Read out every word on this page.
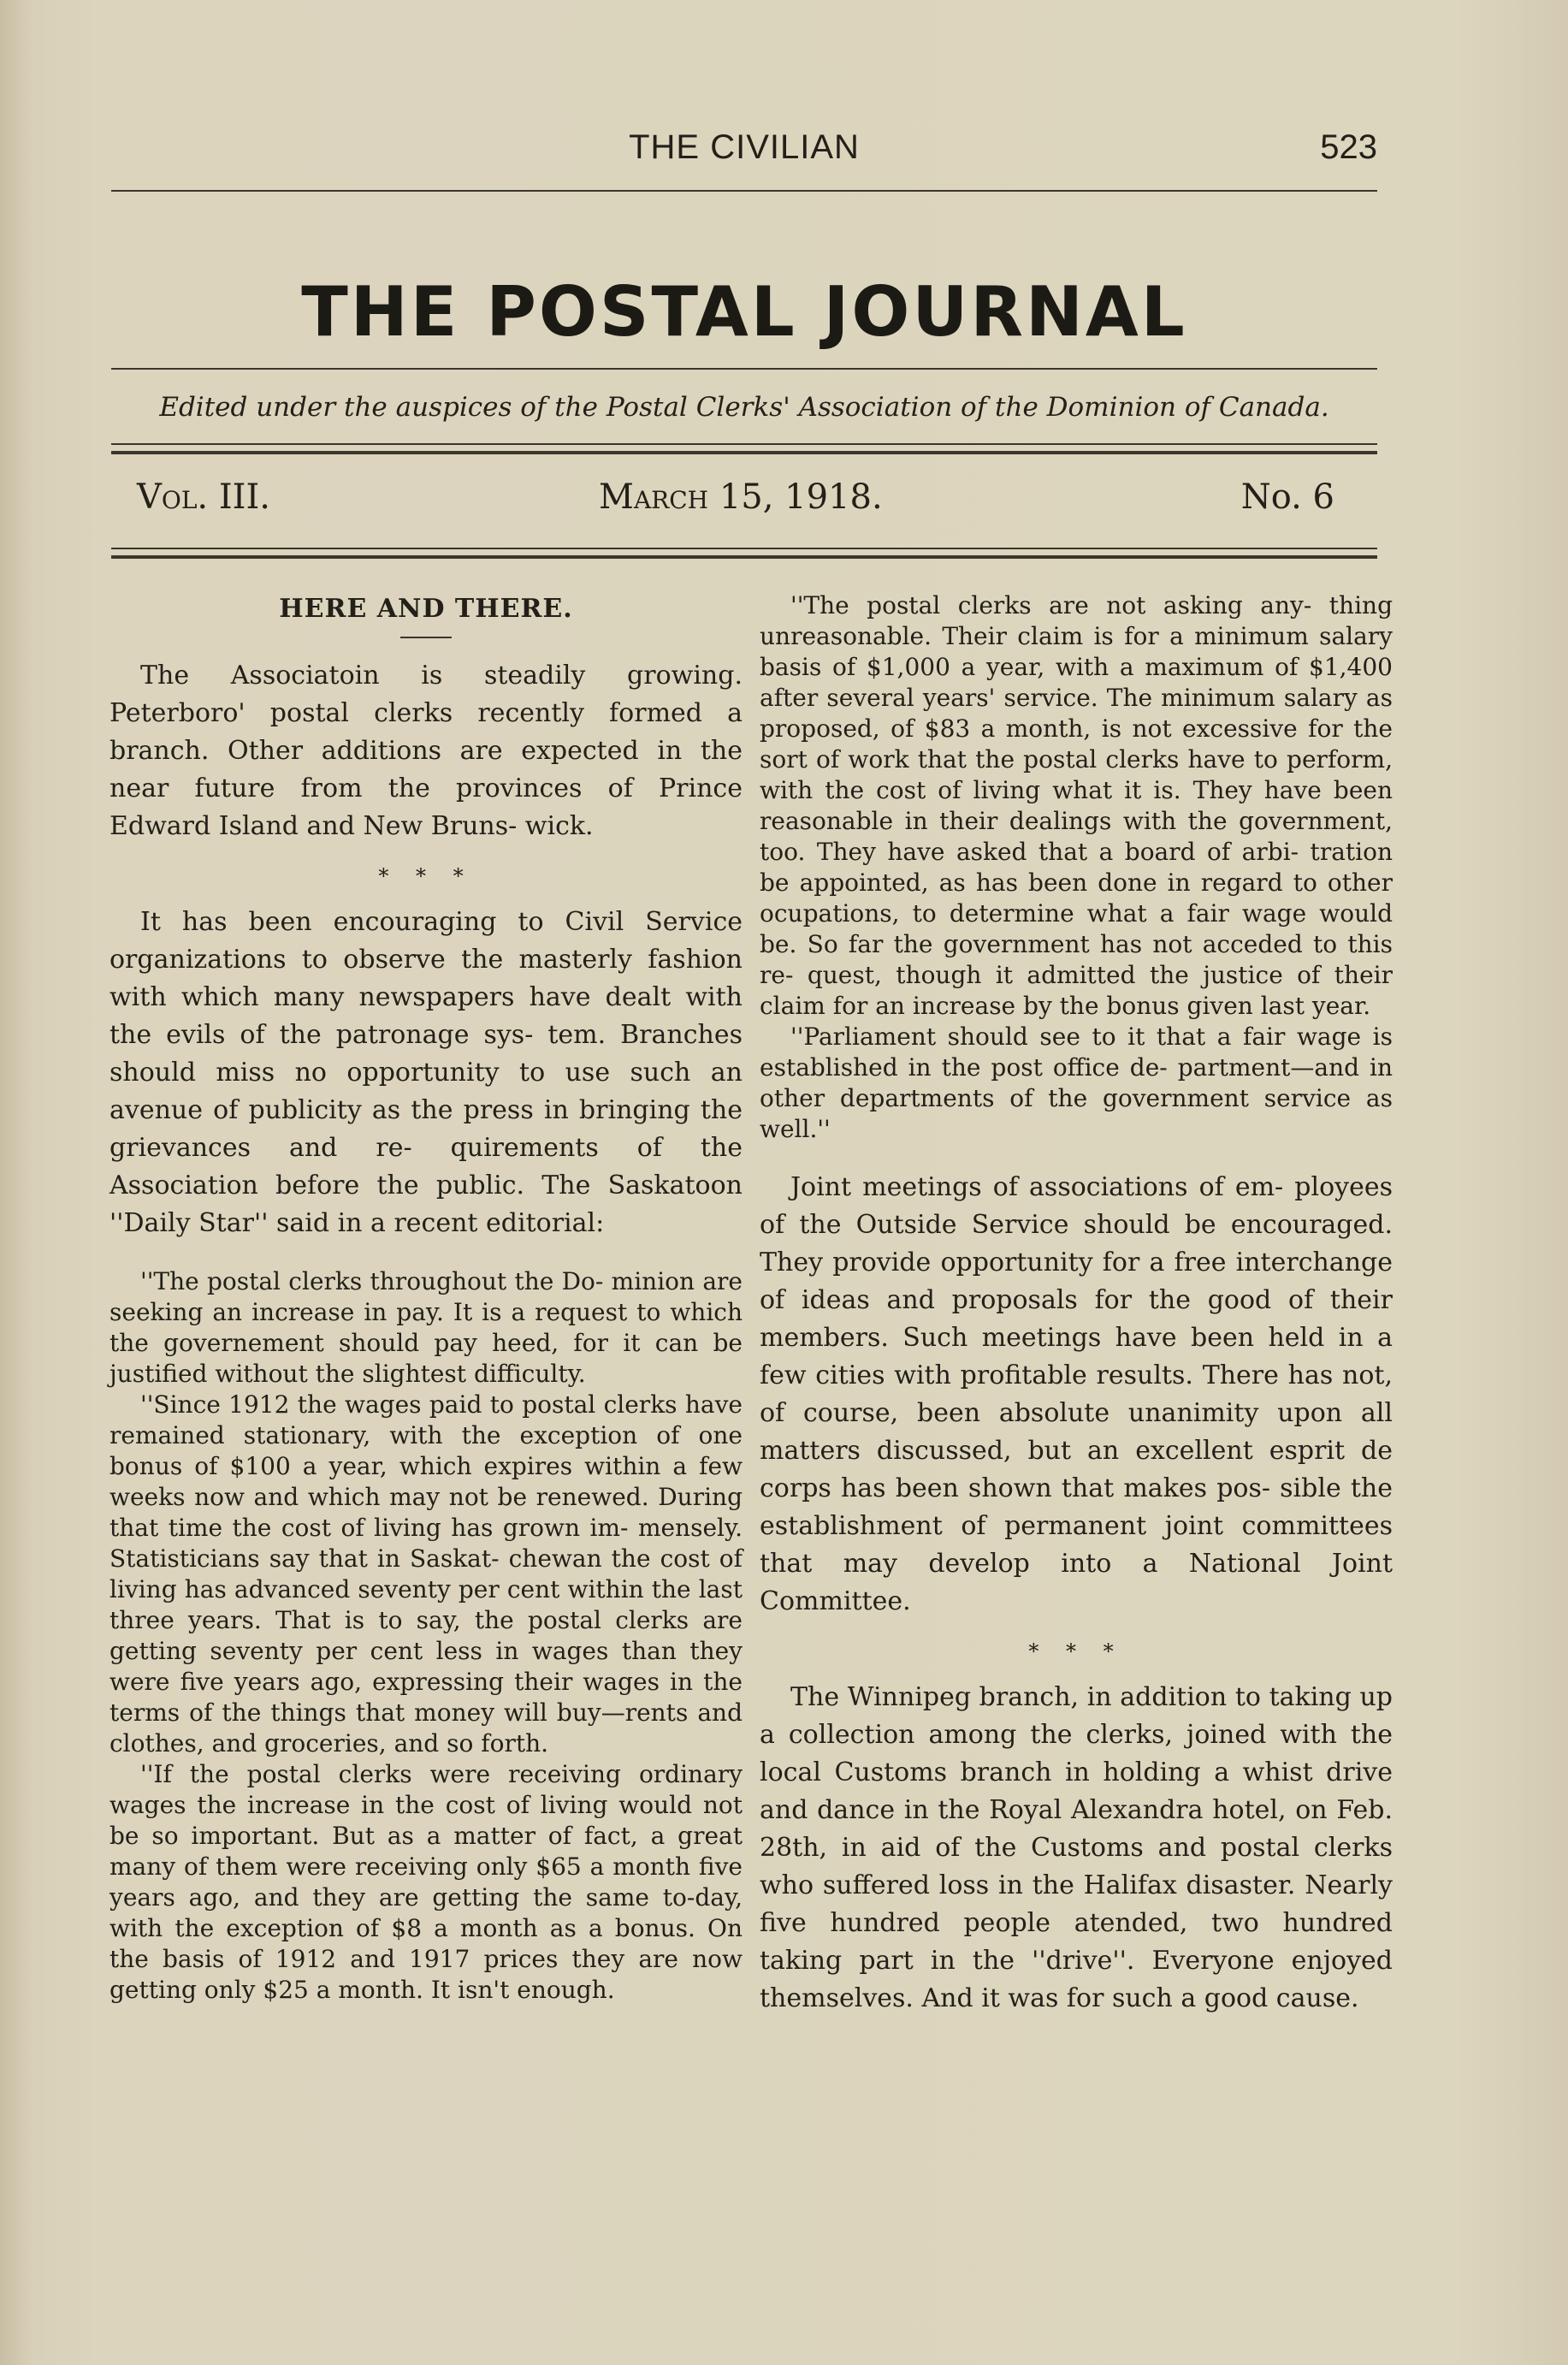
THE CIVILIAN	523
THE POSTAL JOURNAL
Edited under the auspices of the Postal Clerks' Association of the Dominion of Canada.
Vol. III.	March 15, 1918.	No. 6
HERE AND THERE.

The Associatoin is steadily growing. Peterboro' postal clerks recently formed a branch. Other additions are expected in the near future from the provinces of Prince Edward Island and New Bruns- wick.

* * *

It has been encouraging to Civil Service organizations to observe the masterly fashion with which many newspapers have dealt with the evils of the patronage sys- tem. Branches should miss no opportunity to use such an avenue of publicity as the press in bringing the grievances and re- quirements of the Association before the public. The Saskatoon ''Daily Star'' said in a recent editorial:

''The postal clerks throughout the Do- minion are seeking an increase in pay. It is a request to which the governement should pay heed, for it can be justified without the slightest difficulty.

''Since 1912 the wages paid to postal clerks have remained stationary, with the exception of one bonus of $100 a year, which expires within a few weeks now and which may not be renewed. During that time the cost of living has grown im- mensely. Statisticians say that in Saskat- chewan the cost of living has advanced seventy per cent within the last three years. That is to say, the postal clerks are getting seventy per cent less in wages than they were five years ago, expressing their wages in the terms of the things that money will buy—rents and clothes, and groceries, and so forth.

''If the postal clerks were receiving ordinary wages the increase in the cost of living would not be so important. But as a matter of fact, a great many of them were receiving only $65 a month five years ago, and they are getting the same to-day, with the exception of $8 a month as a bonus. On the basis of 1912 and 1917 prices they are now getting only $25 a month. It isn't enough.

''The postal clerks are not asking any- thing unreasonable. Their claim is for a minimum salary basis of $1,000 a year, with a maximum of $1,400 after several years' service. The minimum salary as proposed, of $83 a month, is not excessive for the sort of work that the postal clerks have to perform, with the cost of living what it is. They have been reasonable in their dealings with the government, too. They have asked that a board of arbi- tration be appointed, as has been done in regard to other ocupations, to determine what a fair wage would be. So far the government has not acceded to this re- quest, though it admitted the justice of their claim for an increase by the bonus given last year.

''Parliament should see to it that a fair wage is established in the post office de- partment—and in other departments of the government service as well.''

Joint meetings of associations of em- ployees of the Outside Service should be encouraged. They provide opportunity for a free interchange of ideas and proposals for the good of their members. Such meetings have been held in a few cities with profitable results. There has not, of course, been absolute unanimity upon all matters discussed, but an excellent esprit de corps has been shown that makes pos- sible the establishment of permanent joint committees that may develop into a National Joint Committee.

* * *

The Winnipeg branch, in addition to taking up a collection among the clerks, joined with the local Customs branch in holding a whist drive and dance in the Royal Alexandra hotel, on Feb. 28th, in aid of the Customs and postal clerks who suffered loss in the Halifax disaster. Nearly five hundred people atended, two hundred taking part in the ''drive''. Everyone enjoyed themselves. And it was for such a good cause.
